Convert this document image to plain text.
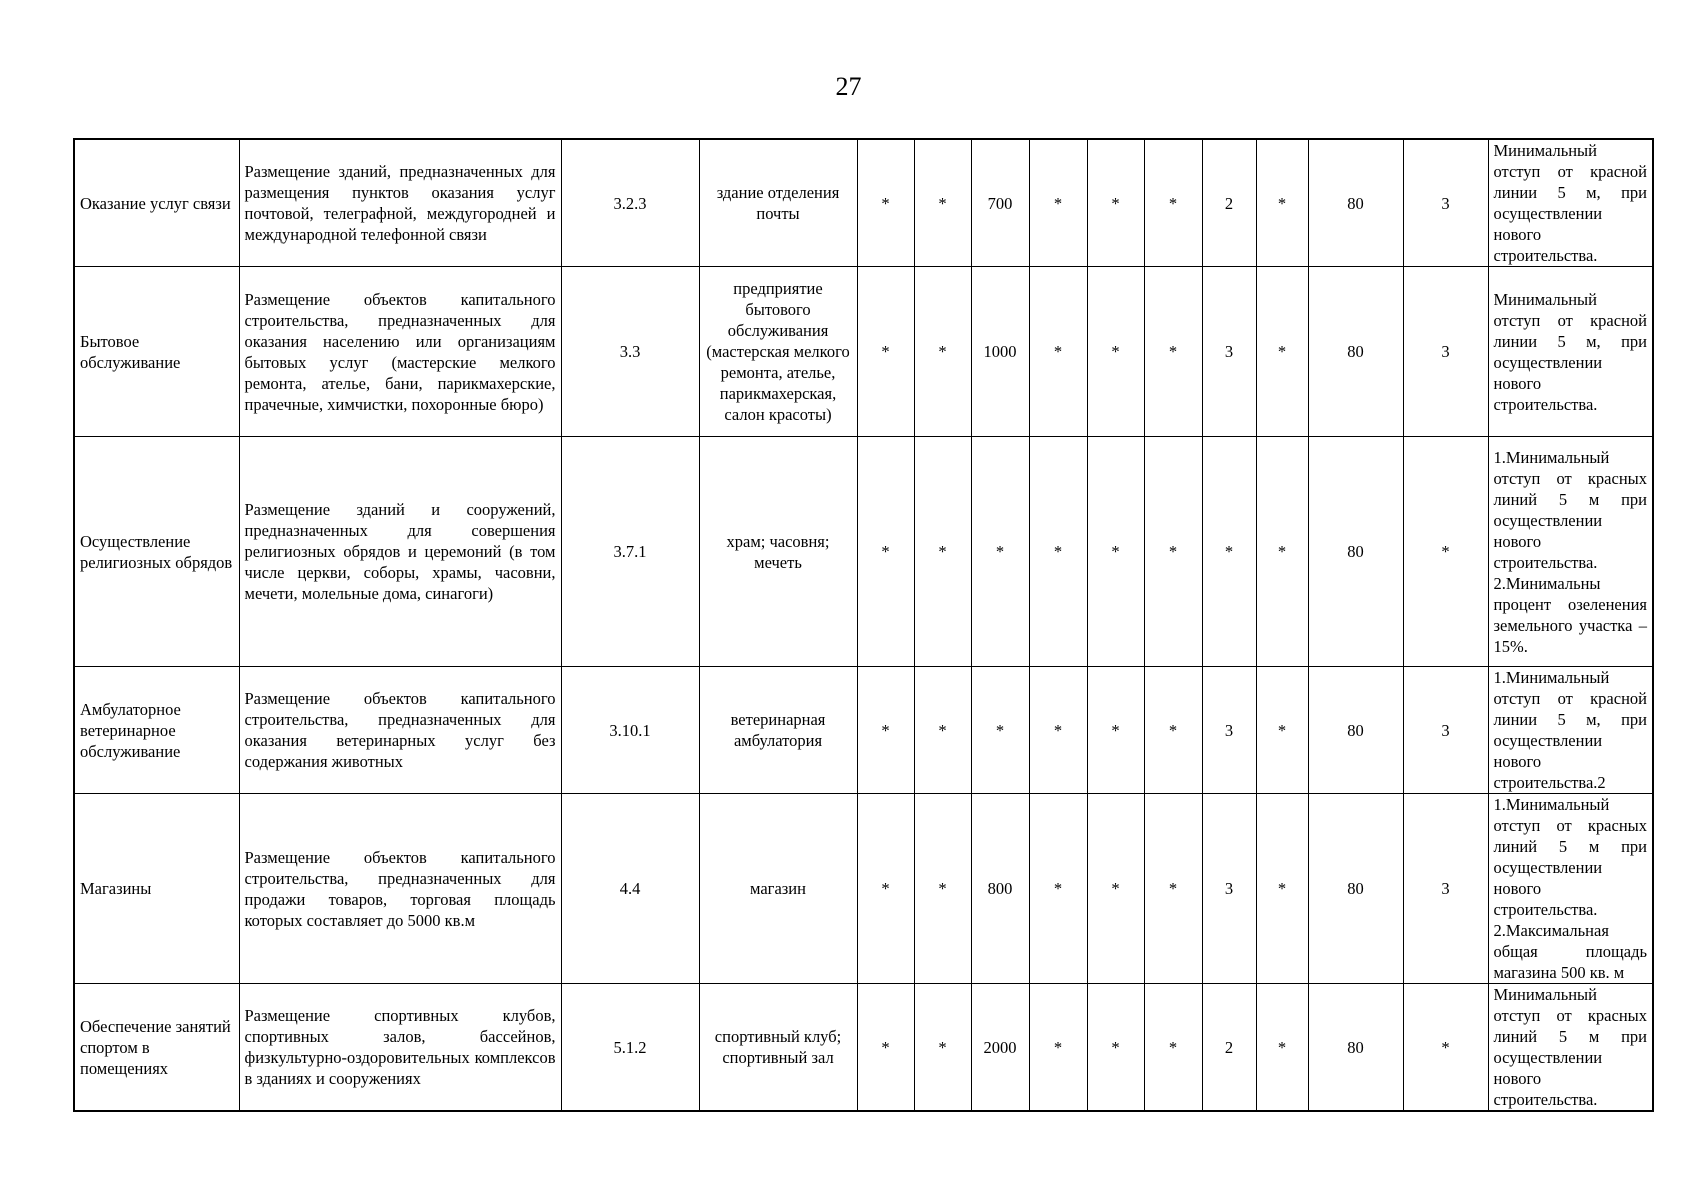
27
Оказание услуг связи	Размещение зданий, предназначенных для размещения пунктов оказания услуг почтовой, телеграфной, междугородней и международной телефонной связи	3.2.3	здание отделения почты	*	*	700	*	*	*	2	*	80	3	Минимальный отступ от красной линии 5 м, при осуществлении нового строительства.

Бытовое обслуживание	Размещение объектов капитального строительства, предназначенных для оказания населению или организациям бытовых услуг (мастерские мелкого ремонта, ателье, бани, парикмахерские, прачечные, химчистки, похоронные бюро)	3.3	предприятие бытового обслуживания (мастерская мелкого ремонта, ателье, парикмахерская, салон красоты)	*	*	1000	*	*	*	3	*	80	3	Минимальный отступ от красной линии 5 м, при осуществлении нового строительства.

Осуществление религиозных обрядов	Размещение зданий и сооружений, предназначенных для совершения религиозных обрядов и церемоний (в том числе церкви, соборы, храмы, часовни, мечети, молельные дома, синагоги)	3.7.1	храм; часовня; мечеть	*	*	*	*	*	*	*	*	80	*	1.Минимальный отступ от красных линий 5 м при осуществлении нового строительства.
2.Минимальны процент озеленения земельного участка – 15%.

Амбулаторное ветеринарное обслуживание	Размещение объектов капитального строительства, предназначенных для оказания ветеринарных услуг без содержания животных	3.10.1	ветеринарная амбулатория	*	*	*	*	*	*	3	*	80	3	1.Минимальный отступ от красной линии 5 м, при осуществлении нового строительства.2

Магазины	Размещение объектов капитального строительства, предназначенных для продажи товаров, торговая площадь которых составляет до 5000 кв.м	4.4	магазин	*	*	800	*	*	*	3	*	80	3	1.Минимальный отступ от красных линий 5 м при осуществлении нового строительства.
2.Максимальная общая площадь магазина 500 кв. м

Обеспечение занятий спортом в помещениях	Размещение спортивных клубов, спортивных залов, бассейнов, физкультурно-оздоровительных комплексов в зданиях и сооружениях	5.1.2	спортивный клуб; спортивный зал	*	*	2000	*	*	*	2	*	80	*	Минимальный отступ от красных линий 5 м при осуществлении нового строительства.
